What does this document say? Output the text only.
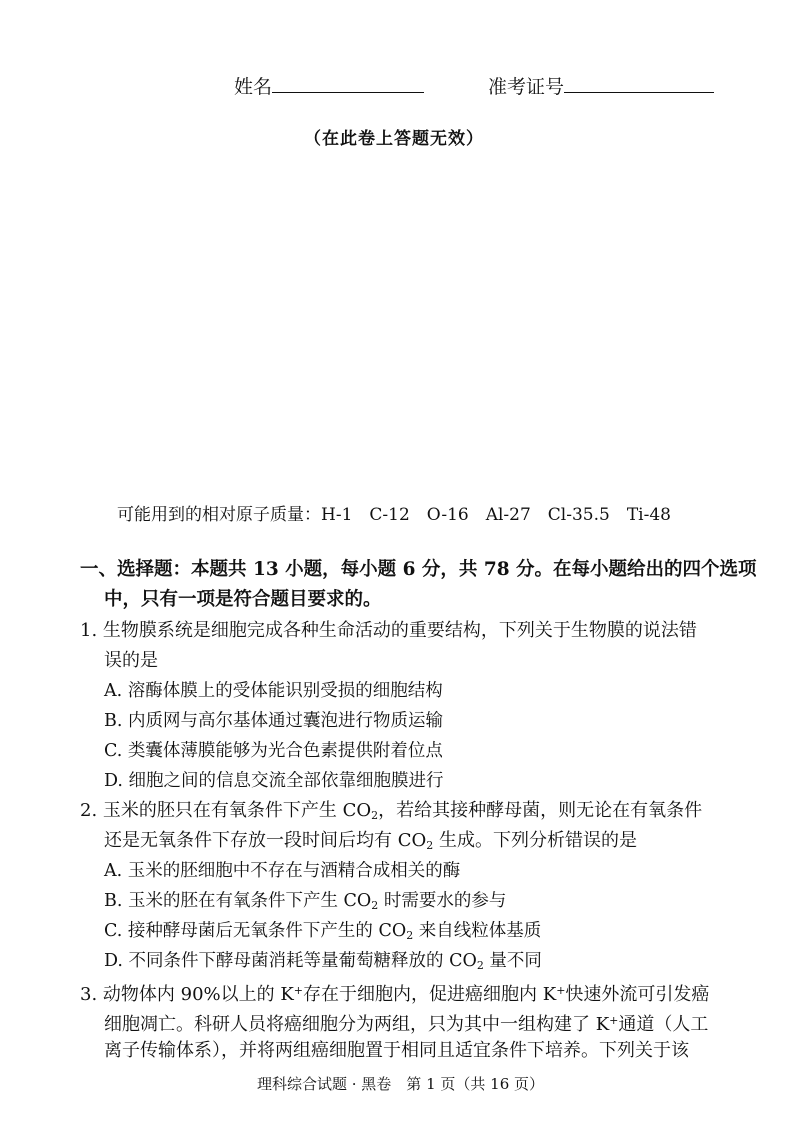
姓名	准考证号
（在此卷上答题无效）
可能用到的相对原子质量：H-1　C-12　O-16　Al-27　Cl-35.5　Ti-48
一、选择题：本题共 13 小题，每小题 6 分，共 78 分。在每小题给出的四个选项
中，只有一项是符合题目要求的。
1. 生物膜系统是细胞完成各种生命活动的重要结构，下列关于生物膜的说法错
误的是
A. 溶酶体膜上的受体能识别受损的细胞结构
B. 内质网与高尔基体通过囊泡进行物质运输
C. 类囊体薄膜能够为光合色素提供附着位点
D. 细胞之间的信息交流全部依靠细胞膜进行
2. 玉米的胚只在有氧条件下产生 $CO_2$，若给其接种酵母菌，则无论在有氧条件
还是无氧条件下存放一段时间后均有 $CO_2$ 生成。下列分析错误的是
A. 玉米的胚细胞中不存在与酒精合成相关的酶
B. 玉米的胚在有氧条件下产生 $CO_2$ 时需要水的参与
C. 接种酵母菌后无氧条件下产生的 $CO_2$ 来自线粒体基质
D. 不同条件下酵母菌消耗等量葡萄糖释放的 $CO_2$ 量不同
3. 动物体内 90%以上的 K+存在于细胞内，促进癌细胞内 K+快速外流可引发癌
细胞凋亡。科研人员将癌细胞分为两组，只为其中一组构建了 K+通道（人工
离子传输体系），并将两组癌细胞置于相同且适宜条件下培养。下列关于该
理科综合试题 · 黑卷　第 1 页（共 16 页）
